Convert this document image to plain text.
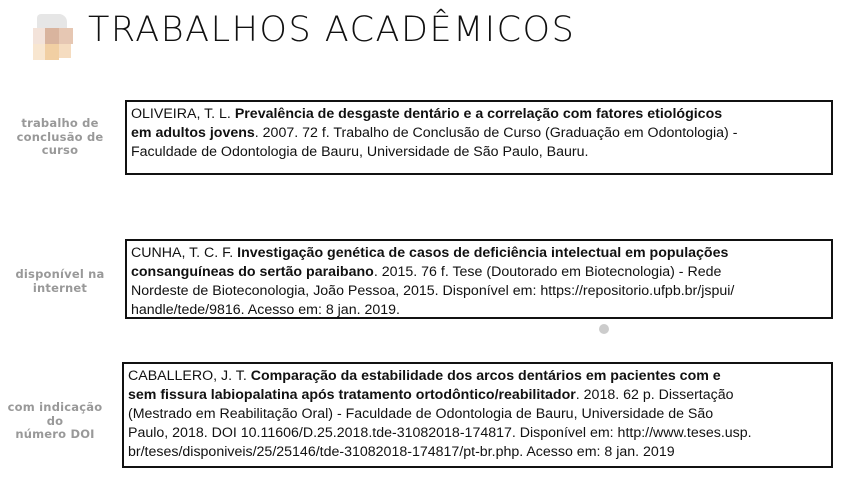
TRABALHOS ACADÊMICOS
trabalho de
conclusão de
curso
OLIVEIRA, T. L. Prevalência de desgaste dentário e a correlação com fatores etiológicos
em adultos jovens. 2007. 72 f. Trabalho de Conclusão de Curso (Graduação em Odontologia) -
Faculdade de Odontologia de Bauru, Universidade de São Paulo, Bauru.
disponível na
internet
CUNHA, T. C. F. Investigação genética de casos de deficiência intelectual em populações
consanguíneas do sertão paraibano. 2015. 76 f. Tese (Doutorado em Biotecnologia) - Rede
Nordeste de Bioteconologia, João Pessoa, 2015. Disponível em: https://repositorio.ufpb.br/jspui/
handle/tede/9816. Acesso em: 8 jan. 2019.
com indicação do
número DOI
CABALLERO, J. T. Comparação da estabilidade dos arcos dentários em pacientes com e
sem fissura labiopalatina após tratamento ortodôntico/reabilitador. 2018. 62 p. Dissertação
(Mestrado em Reabilitação Oral) - Faculdade de Odontologia de Bauru, Universidade de São
Paulo, 2018. DOI 10.11606/D.25.2018.tde-31082018-174817. Disponível em: http://www.teses.usp.
br/teses/disponiveis/25/25146/tde-31082018-174817/pt-br.php. Acesso em: 8 jan. 2019
